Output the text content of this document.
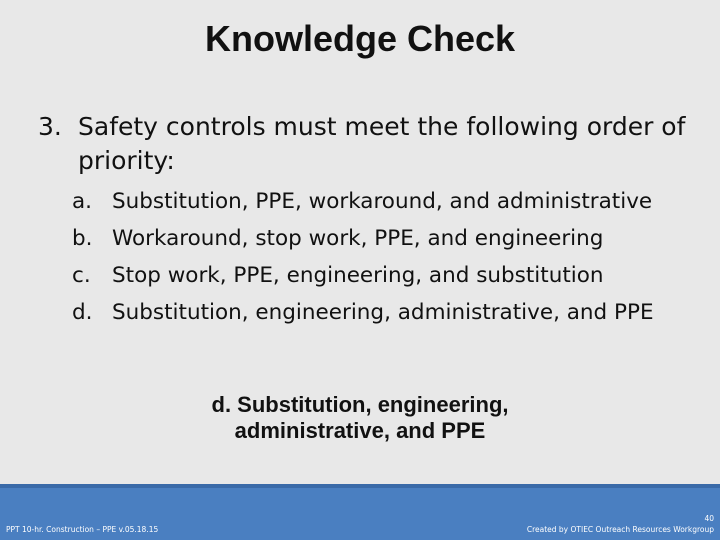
Knowledge Check
3. Safety controls must meet the following order of priority:
a. Substitution, PPE, workaround, and administrative
b. Workaround, stop work, PPE, and engineering
c. Stop work, PPE, engineering, and substitution
d. Substitution, engineering, administrative, and PPE
d. Substitution, engineering,
administrative, and PPE
PPT 10-hr. Construction – PPE v.05.18.15
40
Created by OTIEC Outreach Resources Workgroup
